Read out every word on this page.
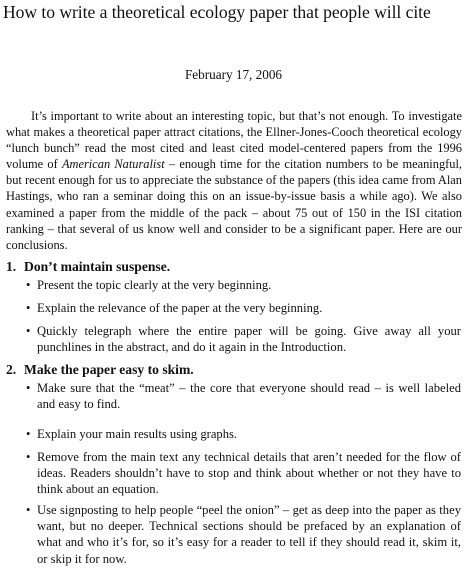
How to write a theoretical ecology paper that people will cite
February 17, 2006

It’s important to write about an interesting topic, but that’s not enough. To investigate what makes a theoretical paper attract citations, the Ellner-Jones-Cooch theoretical ecology “lunch bunch” read the most cited and least cited model-centered papers from the 1996 volume of American Naturalist – enough time for the citation numbers to be meaningful, but recent enough for us to appreciate the substance of the papers (this idea came from Alan Hastings, who ran a seminar doing this on an issue-by-issue basis a while ago). We also examined a paper from the middle of the pack – about 75 out of 150 in the ISI citation ranking – that several of us know well and consider to be a significant paper. Here are our conclusions.

1. Don’t maintain suspense.
• Present the topic clearly at the very beginning.
• Explain the relevance of the paper at the very beginning.
• Quickly telegraph where the entire paper will be going. Give away all your punchlines in the abstract, and do it again in the Introduction.
2. Make the paper easy to skim.
• Make sure that the “meat” – the core that everyone should read – is well labeled and easy to find.
• Explain your main results using graphs.
• Remove from the main text any technical details that aren’t needed for the flow of ideas. Readers shouldn’t have to stop and think about whether or not they have to think about an equation.
• Use signposting to help people “peel the onion” – get as deep into the paper as they want, but no deeper. Technical sections should be prefaced by an explanation of what and who it’s for, so it’s easy for a reader to tell if they should read it, skim it, or skip it for now.
